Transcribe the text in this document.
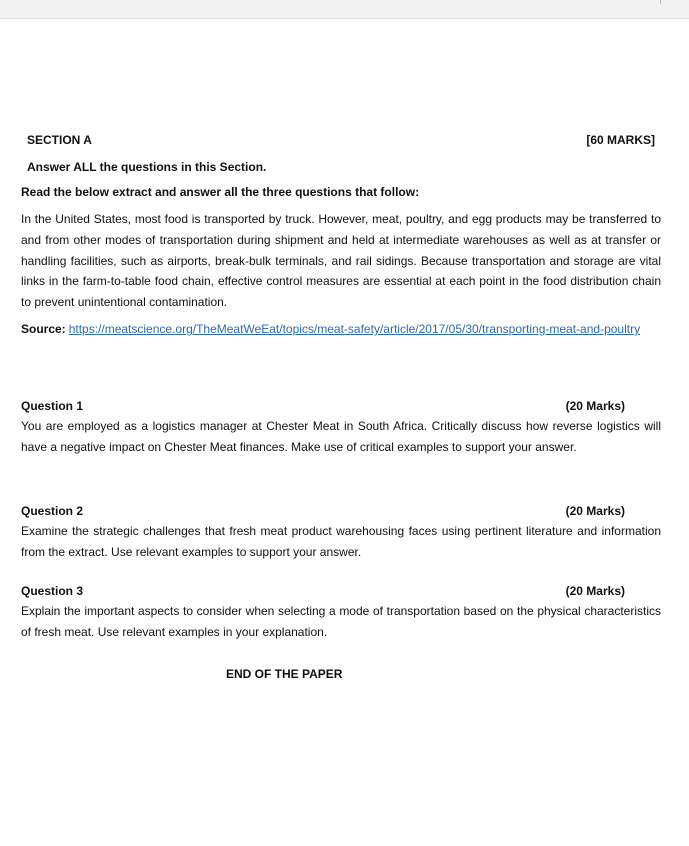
SECTION A	[60 MARKS]
Answer ALL the questions in this Section.
Read the below extract and answer all the three questions that follow:
In the United States, most food is transported by truck. However, meat, poultry, and egg products may be transferred to and from other modes of transportation during shipment and held at intermediate warehouses as well as at transfer or handling facilities, such as airports, break-bulk terminals, and rail sidings. Because transportation and storage are vital links in the farm-to-table food chain, effective control measures are essential at each point in the food distribution chain to prevent unintentional contamination.
Source: https://meatscience.org/TheMeatWeEat/topics/meat-safety/article/2017/05/30/transporting-meat-and-poultry
Question 1	(20 Marks)
You are employed as a logistics manager at Chester Meat in South Africa. Critically discuss how reverse logistics will have a negative impact on Chester Meat finances. Make use of critical examples to support your answer.
Question 2	(20 Marks)
Examine the strategic challenges that fresh meat product warehousing faces using pertinent literature and information from the extract. Use relevant examples to support your answer.
Question 3	(20 Marks)
Explain the important aspects to consider when selecting a mode of transportation based on the physical characteristics of fresh meat. Use relevant examples in your explanation.
END OF THE PAPER
